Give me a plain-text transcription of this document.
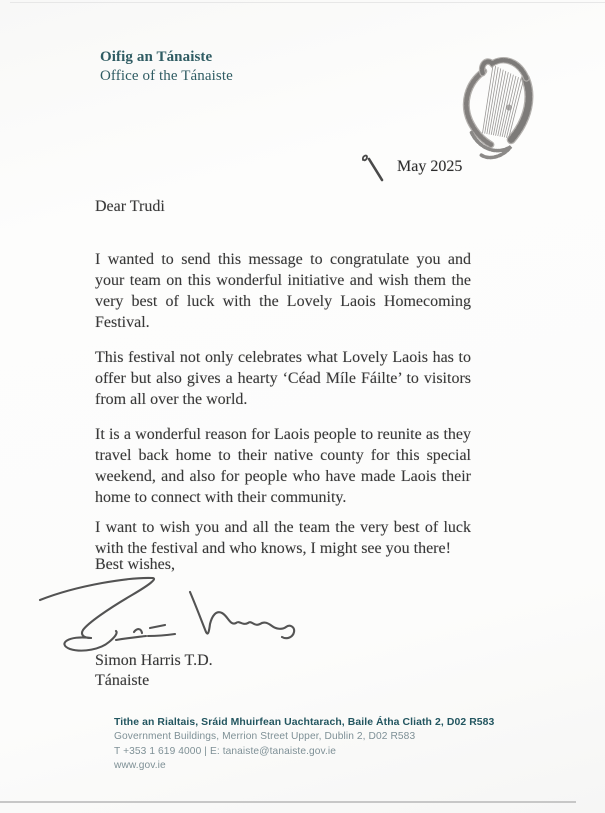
Oifig an Tánaiste
Office of the Tánaiste
May 2025
Dear Trudi

I wanted to send this message to congratulate you and your team on this wonderful initiative and wish them the very best of luck with the Lovely Laois Homecoming Festival.

This festival not only celebrates what Lovely Laois has to offer but also gives a hearty ‘Céad Míle Fáilte’ to visitors from all over the world.

It is a wonderful reason for Laois people to reunite as they travel back home to their native county for this special weekend, and also for people who have made Laois their home to connect with their community.

I want to wish you and all the team the very best of luck with the festival and who knows, I might see you there!

Best wishes,
Simon Harris T.D.
Tánaiste
Tithe an Rialtais, Sráid Mhuirfean Uachtarach, Baile Átha Cliath 2, D02 R583
Government Buildings, Merrion Street Upper, Dublin 2, D02 R583
T +353 1 619 4000 | E: tanaiste@tanaiste.gov.ie
www.gov.ie
